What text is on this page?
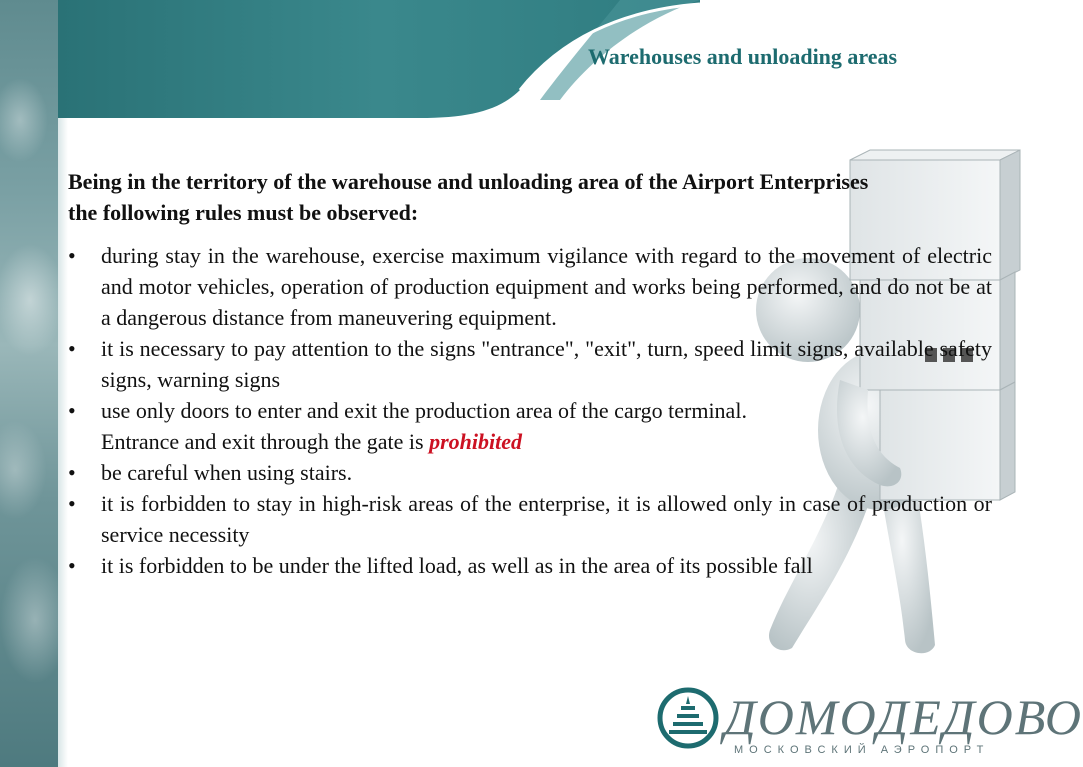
Warehouses and unloading areas

Being in the territory of the warehouse and unloading area of the Airport Enterprises the following rules must be observed:

• during stay in the warehouse, exercise maximum vigilance with regard to the movement of electric and motor vehicles, operation of production equipment and works being performed, and do not be at a dangerous distance from maneuvering equipment.
• it is necessary to pay attention to the signs "entrance", "exit", turn, speed limit signs, available safety signs, warning signs
• use only doors to enter and exit the production area of the cargo terminal.
Entrance and exit through the gate is prohibited
• be careful when using stairs.
• it is forbidden to stay in high-risk areas of the enterprise, it is allowed only in case of production or service necessity
• it is forbidden to be under the lifted load, as well as in the area of its possible fall
ДОМОДЕДОВО
МОСКОВСКИЙ АЭРОПОРТ
